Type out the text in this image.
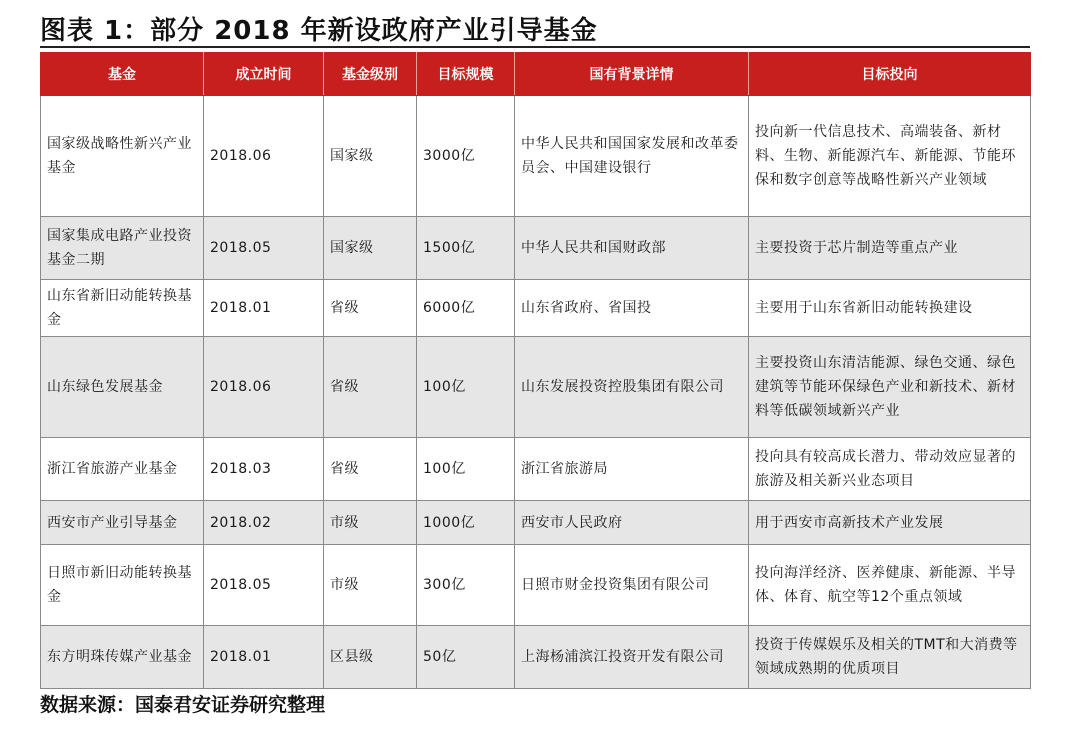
图表 1：部分 2018 年新设政府产业引导基金
基金	成立时间	基金级别	目标规模	国有背景详情	目标投向
国家级战略性新兴产业基金	2018.06	国家级	3000亿	中华人民共和国国家发展和改革委员会、中国建设银行	投向新一代信息技术、高端装备、新材料、生物、新能源汽车、新能源、节能环保和数字创意等战略性新兴产业领域
国家集成电路产业投资基金二期	2018.05	国家级	1500亿	中华人民共和国财政部	主要投资于芯片制造等重点产业
山东省新旧动能转换基金	2018.01	省级	6000亿	山东省政府、省国投	主要用于山东省新旧动能转换建设
山东绿色发展基金	2018.06	省级	100亿	山东发展投资控股集团有限公司	主要投资山东清洁能源、绿色交通、绿色建筑等节能环保绿色产业和新技术、新材料等低碳领域新兴产业
浙江省旅游产业基金	2018.03	省级	100亿	浙江省旅游局	投向具有较高成长潜力、带动效应显著的旅游及相关新兴业态项目
西安市产业引导基金	2018.02	市级	1000亿	西安市人民政府	用于西安市高新技术产业发展
日照市新旧动能转换基金	2018.05	市级	300亿	日照市财金投资集团有限公司	投向海洋经济、医养健康、新能源、半导体、体育、航空等12个重点领域
东方明珠传媒产业基金	2018.01	区县级	50亿	上海杨浦滨江投资开发有限公司	投资于传媒娱乐及相关的TMT和大消费等领域成熟期的优质项目
数据来源：国泰君安证券研究整理
